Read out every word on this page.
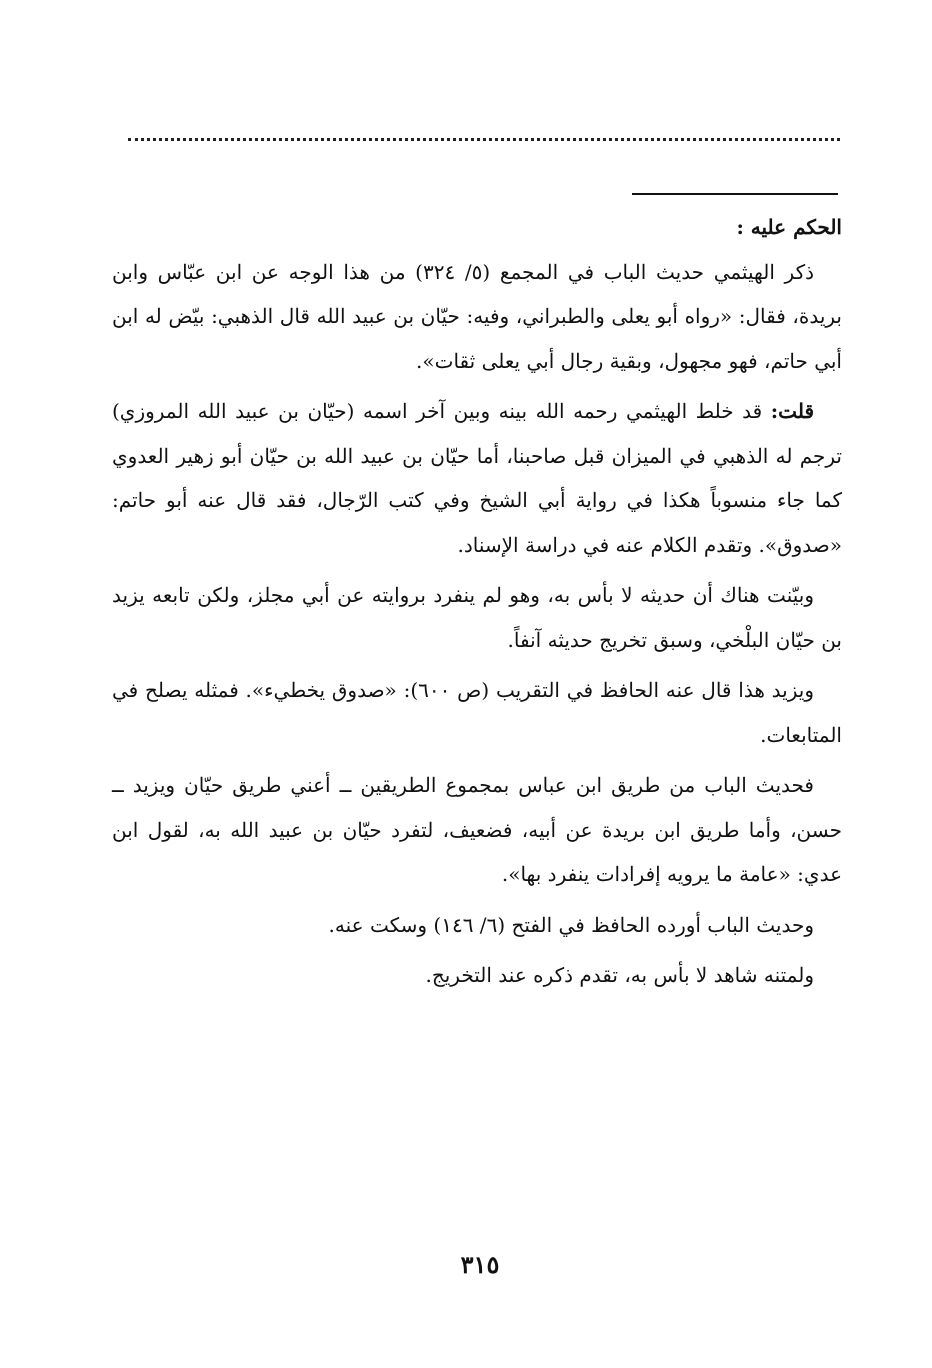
الحكم عليه :

ذكر الهيثمي حديث الباب في المجمع (٥/ ٣٢٤) من هذا الوجه عن ابن عبّاس وابن بريدة، فقال: «رواه أبو يعلى والطبراني، وفيه: حيّان بن عبيد الله قال الذهبي: بيّض له ابن أبي حاتم، فهو مجهول، وبقية رجال أبي يعلى ثقات».

قلت: قد خلط الهيثمي رحمه الله بينه وبين آخر اسمه (حيّان بن عبيد الله المروزي) ترجم له الذهبي في الميزان قبل صاحبنا، أما حيّان بن عبيد الله بن حيّان أبو زهير العدوي كما جاء منسوباً هكذا في رواية أبي الشيخ وفي كتب الرّجال، فقد قال عنه أبو حاتم: «صدوق». وتقدم الكلام عنه في دراسة الإسناد.

وبيّنت هناك أن حديثه لا بأس به، وهو لم ينفرد بروايته عن أبي مجلز، ولكن تابعه يزيد بن حيّان البلْخي، وسبق تخريج حديثه آنفاً.

ويزيد هذا قال عنه الحافظ في التقريب (ص ٦٠٠): «صدوق يخطيء». فمثله يصلح في المتابعات.

فحديث الباب من طريق ابن عباس بمجموع الطريقين ــ أعني طريق حيّان ويزيد ــ حسن، وأما طريق ابن بريدة عن أبيه، فضعيف، لتفرد حيّان بن عبيد الله به، لقول ابن عدي: «عامة ما يرويه إفرادات ينفرد بها».

وحديث الباب أورده الحافظ في الفتح (٦/ ١٤٦) وسكت عنه.

ولمتنه شاهد لا بأس به، تقدم ذكره عند التخريج.

٣١٥
